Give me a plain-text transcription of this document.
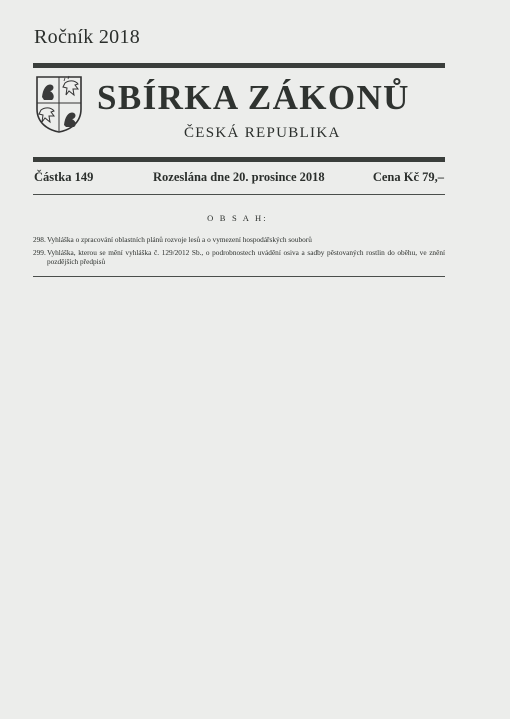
Ročník 2018
SBÍRKA ZÁKONŮ
ČESKÁ REPUBLIKA
Částka 149	Rozeslána dne 20. prosince 2018	Cena Kč 79,–
O B S A H:
298. Vyhláška o zpracování oblastních plánů rozvoje lesů a o vymezení hospodářských souborů
299. Vyhláška, kterou se mění vyhláška č. 129/2012 Sb., o podrobnostech uvádění osiva a sadby pěstovaných rostlin do oběhu, ve znění pozdějších předpisů
